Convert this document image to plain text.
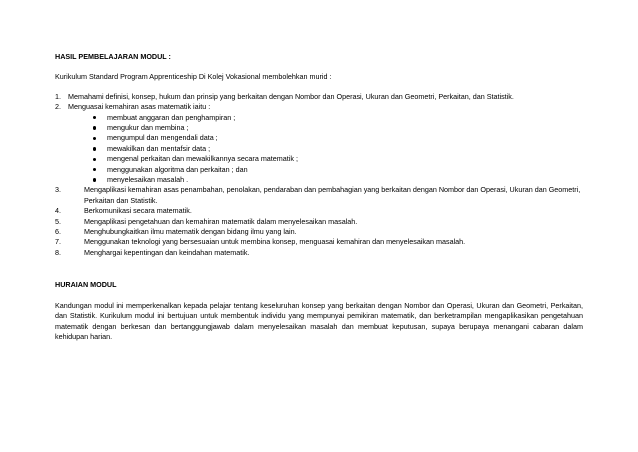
HASIL PEMBELAJARAN MODUL :
Kurikulum Standard Program Apprenticeship Di Kolej Vokasional membolehkan murid :
1. Memahami definisi, konsep, hukum dan prinsip yang berkaitan dengan Nombor dan Operasi, Ukuran dan Geometri, Perkaitan, dan Statistik.
2. Menguasai kemahiran asas matematik iaitu :
membuat anggaran dan penghampiran ;
mengukur dan membina ;
mengumpul dan mengendali data ;
mewakilkan dan mentafsir data ;
mengenal perkaitan dan mewakilkannya secara matematik ;
menggunakan algoritma dan perkaitan ; dan
menyelesaikan masalah .
3.	Mengaplikasi kemahiran asas penambahan, penolakan, pendaraban dan pembahagian yang berkaitan dengan Nombor dan Operasi, Ukuran dan Geometri, Perkaitan dan Statistik.
4.	Berkomunikasi secara matematik.
5.	Mengaplikasi pengetahuan dan kemahiran matematik dalam menyelesaikan masalah.
6.	Menghubungkaitkan ilmu matematik dengan bidang ilmu yang lain.
7.	Menggunakan teknologi yang bersesuaian untuk membina konsep, menguasai kemahiran dan menyelesaikan masalah.
8.	Menghargai kepentingan dan keindahan matematik.
HURAIAN MODUL
Kandungan modul ini memperkenalkan kepada pelajar tentang keseluruhan konsep yang berkaitan dengan Nombor dan Operasi, Ukuran dan Geometri, Perkaitan, dan Statistik. Kurikulum modul ini bertujuan untuk membentuk individu yang mempunyai pemikiran matematik, dan berketrampilan mengaplikasikan pengetahuan matematik dengan berkesan dan bertanggungjawab dalam menyelesaikan masalah dan membuat keputusan, supaya berupaya menangani cabaran dalam kehidupan harian.
